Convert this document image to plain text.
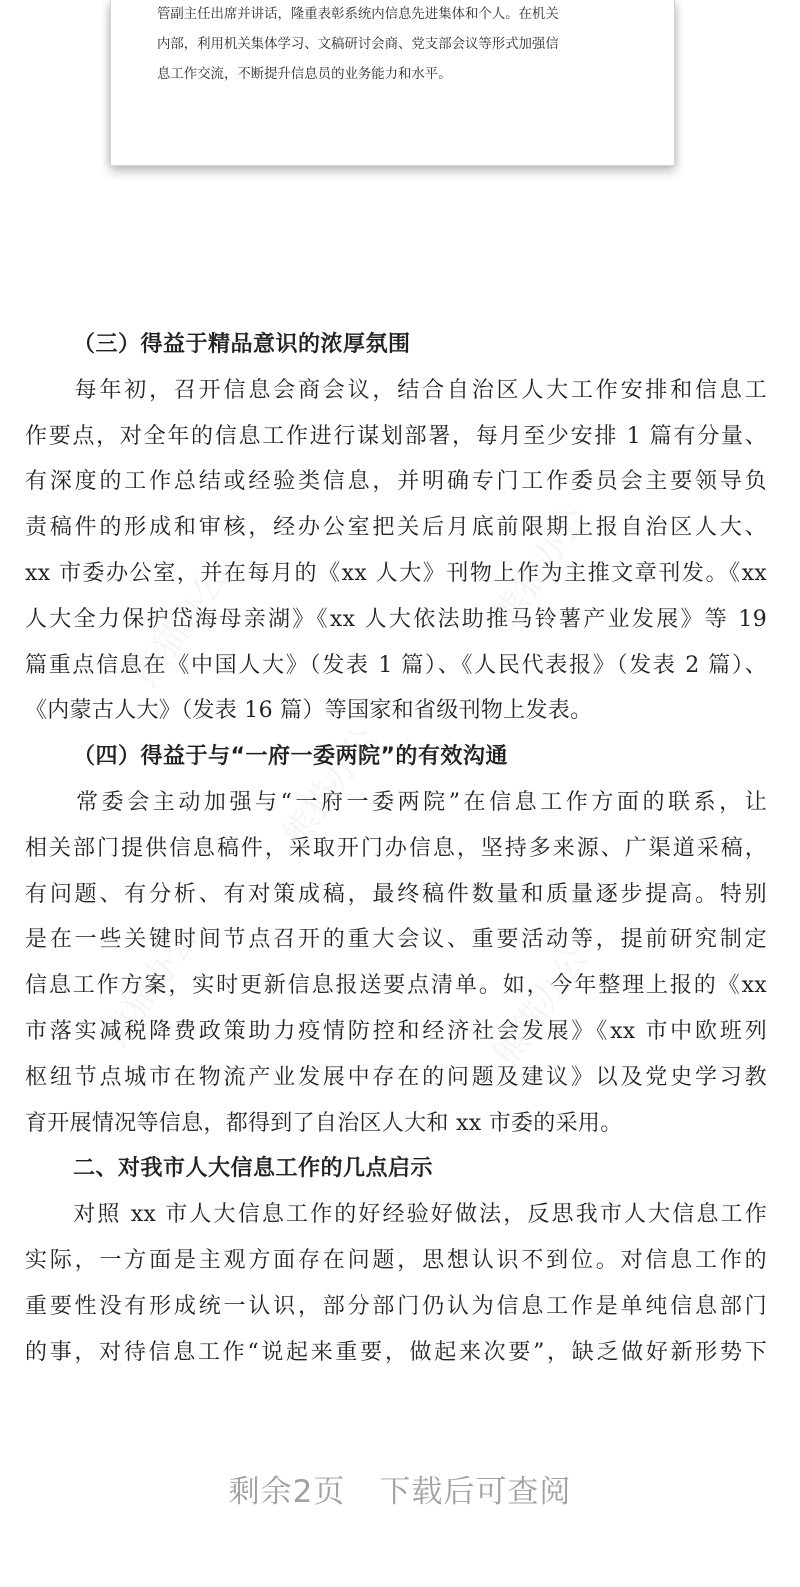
管副主任出席并讲话，隆重表彰系统内信息先进集体和个人。在机关
内部，利用机关集体学习、文稿研讨会商、党支部会议等形式加强信
息工作交流，不断提升信息员的业务能力和水平。

（三）得益于精品意识的浓厚氛围
　　每年初，召开信息会商会议，结合自治区人大工作安排和信息工
作要点，对全年的信息工作进行谋划部署，每月至少安排 1 篇有分量、
有深度的工作总结或经验类信息，并明确专门工作委员会主要领导负
责稿件的形成和审核，经办公室把关后月底前限期上报自治区人大、
xx 市委办公室，并在每月的《xx 人大》刊物上作为主推文章刊发。《xx
人大全力保护岱海母亲湖》《xx 人大依法助推马铃薯产业发展》等 19
篇重点信息在《中国人大》（发表 1 篇）、《人民代表报》（发表 2 篇）、
《内蒙古人大》（发表 16 篇）等国家和省级刊物上发表。
（四）得益于与“一府一委两院”的有效沟通
　　常委会主动加强与“一府一委两院”在信息工作方面的联系，让
相关部门提供信息稿件，采取开门办信息，坚持多来源、广渠道采稿，
有问题、有分析、有对策成稿，最终稿件数量和质量逐步提高。特别
是在一些关键时间节点召开的重大会议、重要活动等，提前研究制定
信息工作方案，实时更新信息报送要点清单。如，今年整理上报的《xx
市落实减税降费政策助力疫情防控和经济社会发展》《xx 市中欧班列
枢纽节点城市在物流产业发展中存在的问题及建议》以及党史学习教
育开展情况等信息，都得到了自治区人大和 xx 市委的采用。
二、对我市人大信息工作的几点启示
　　对照 xx 市人大信息工作的好经验好做法，反思我市人大信息工作
实际，一方面是主观方面存在问题，思想认识不到位。对信息工作的
重要性没有形成统一认识，部分部门仍认为信息工作是单纯信息部门
的事，对待信息工作“说起来重要，做起来次要”，缺乏做好新形势下
熊猫办公	熊猫办公
熊猫办公
熊猫办公	熊猫办公
剩余2页 下载后可查阅
